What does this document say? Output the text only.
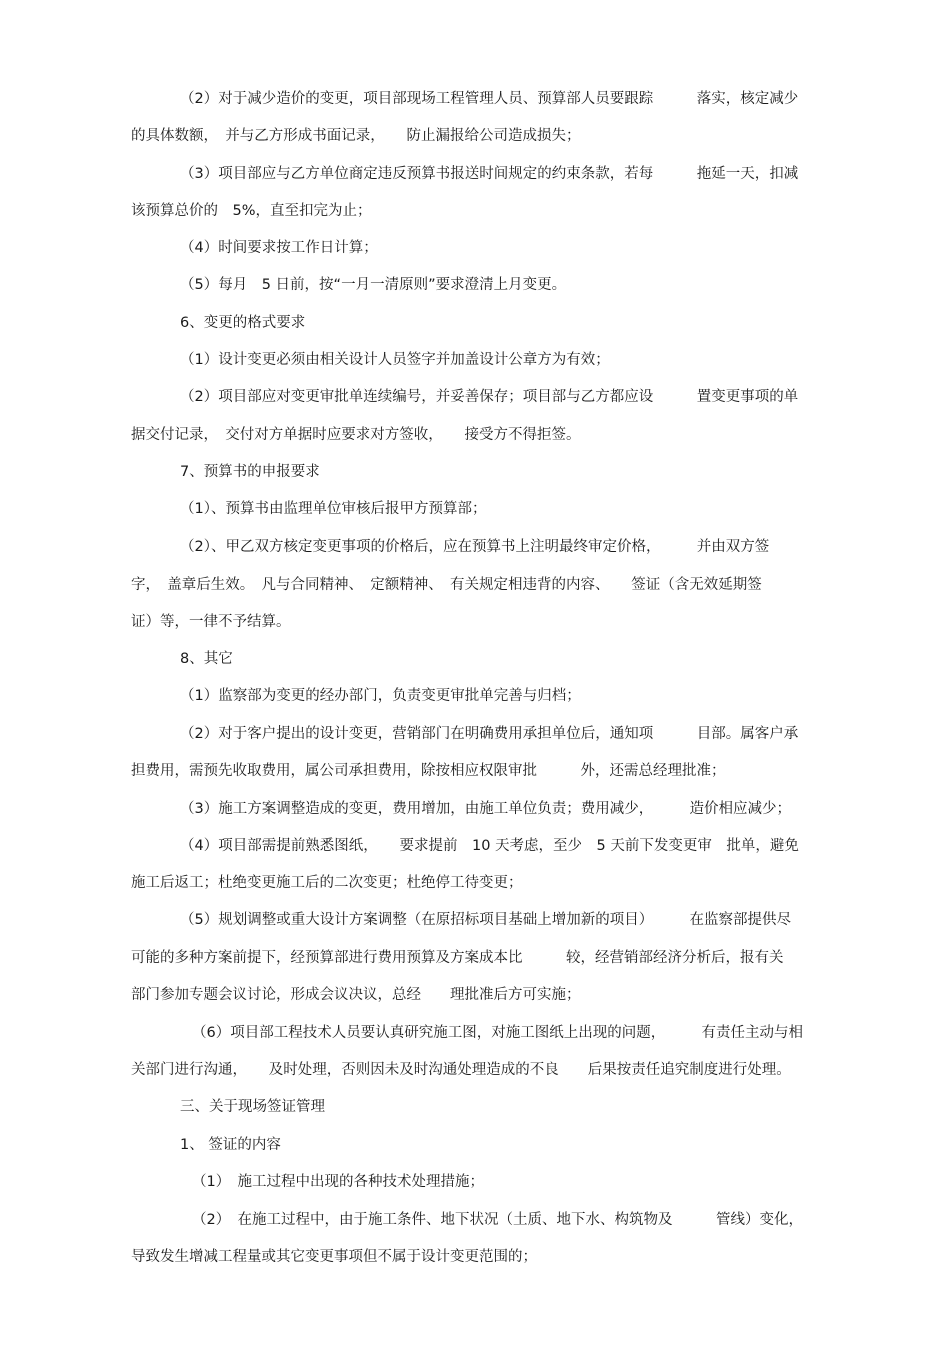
（2）对于减少造价的变更，项目部现场工程管理人员、预算部人员要跟踪　　　落实，核定减少
的具体数额，　并与乙方形成书面记录，　　防止漏报给公司造成损失；
（3）项目部应与乙方单位商定违反预算书报送时间规定的约束条款，若每　　　拖延一天，扣减
该预算总价的　5%，直至扣完为止；
（4）时间要求按工作日计算；
（5）每月　5 日前，按“一月一清原则”要求澄清上月变更。
6、变更的格式要求
（1）设计变更必须由相关设计人员签字并加盖设计公章方为有效；
（2）项目部应对变更审批单连续编号，并妥善保存；项目部与乙方都应设　　　置变更事项的单
据交付记录，　交付对方单据时应要求对方签收，　　接受方不得拒签。
7、预算书的申报要求
（1）、预算书由监理单位审核后报甲方预算部；
（2）、甲乙双方核定变更事项的价格后，应在预算书上注明最终审定价格，　　　并由双方签
字，　盖章后生效。　凡与合同精神、　定额精神、　有关规定相违背的内容、　　签证（含无效延期签
证）等，一律不予结算。
8、其它
（1）监察部为变更的经办部门，负责变更审批单完善与归档；
（2）对于客户提出的设计变更，营销部门在明确费用承担单位后，通知项　　　目部。属客户承
担费用，需预先收取费用，属公司承担费用，除按相应权限审批　　　外，还需总经理批准；
（3）施工方案调整造成的变更，费用增加，由施工单位负责；费用减少，　　　造价相应减少；
（4）项目部需提前熟悉图纸，　　要求提前　10 天考虑，至少　5 天前下发变更审　批单，避免
施工后返工；杜绝变更施工后的二次变更；杜绝停工待变更；
（5）规划调整或重大设计方案调整（在原招标项目基础上增加新的项目）　　　在监察部提供尽
可能的多种方案前提下，经预算部进行费用预算及方案成本比　　　较，经营销部经济分析后，报有关
部门参加专题会议讨论，形成会议决议，总经　　理批准后方可实施；
（6）项目部工程技术人员要认真研究施工图，对施工图纸上出现的问题，　　　有责任主动与相
关部门进行沟通，　　及时处理，否则因未及时沟通处理造成的不良　　后果按责任追究制度进行处理。
三、关于现场签证管理
1、 签证的内容
（1）　施工过程中出现的各种技术处理措施；
（2）　在施工过程中，由于施工条件、地下状况（土质、地下水、构筑物及　　　管线）变化，
导致发生增减工程量或其它变更事项但不属于设计变更范围的；
